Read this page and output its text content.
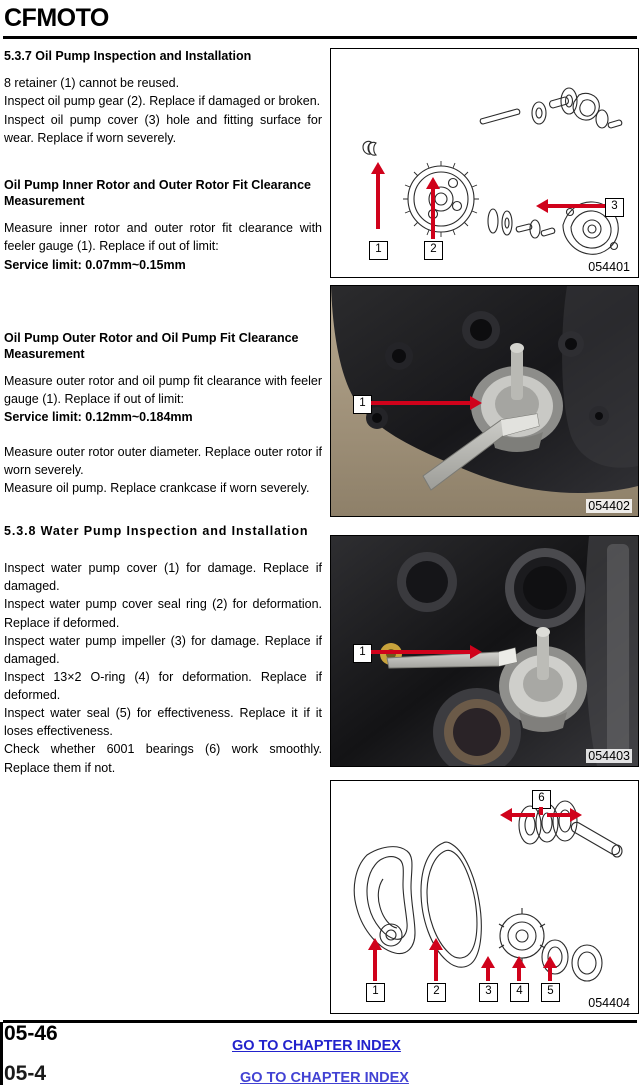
CFMOTO
5.3.7 Oil Pump Inspection and Installation

8 retainer (1) cannot be reused.

Inspect oil pump gear (2). Replace if damaged or broken.

Inspect oil pump cover (3) hole and fitting surface for wear. Replace if worn severely.

Oil Pump Inner Rotor and Outer Rotor Fit Clearance Measurement

Measure inner rotor and outer rotor fit clearance with feeler gauge (1). Replace if out of limit:

Service limit: 0.07mm~0.15mm

Oil Pump Outer Rotor and Oil Pump Fit Clearance Measurement

Measure outer rotor and oil pump fit clearance with feeler gauge (1). Replace if out of limit:

Service limit: 0.12mm~0.184mm

Measure outer rotor outer diameter. Replace outer rotor if worn severely.

Measure oil pump. Replace crankcase if worn severely.

5.3.8 Water Pump Inspection and Installation

Inspect water pump cover (1) for damage. Replace if damaged.

Inspect water pump cover seal ring (2) for deformation. Replace if deformed.

Inspect water pump impeller (3) for damage. Replace if damaged.

Inspect 13×2 O-ring (4) for deformation. Replace if deformed.

Inspect water seal (5) for effectiveness. Replace it if it loses effectiveness.

Check whether 6001 bearings (6) work smoothly. Replace them if not.

1	2
3
054401
1
054402
1
054403
6
1	2	3	4	5
054404
05-46
GO TO CHAPTER INDEX
05-4	GO TO CHAPTER INDEX
